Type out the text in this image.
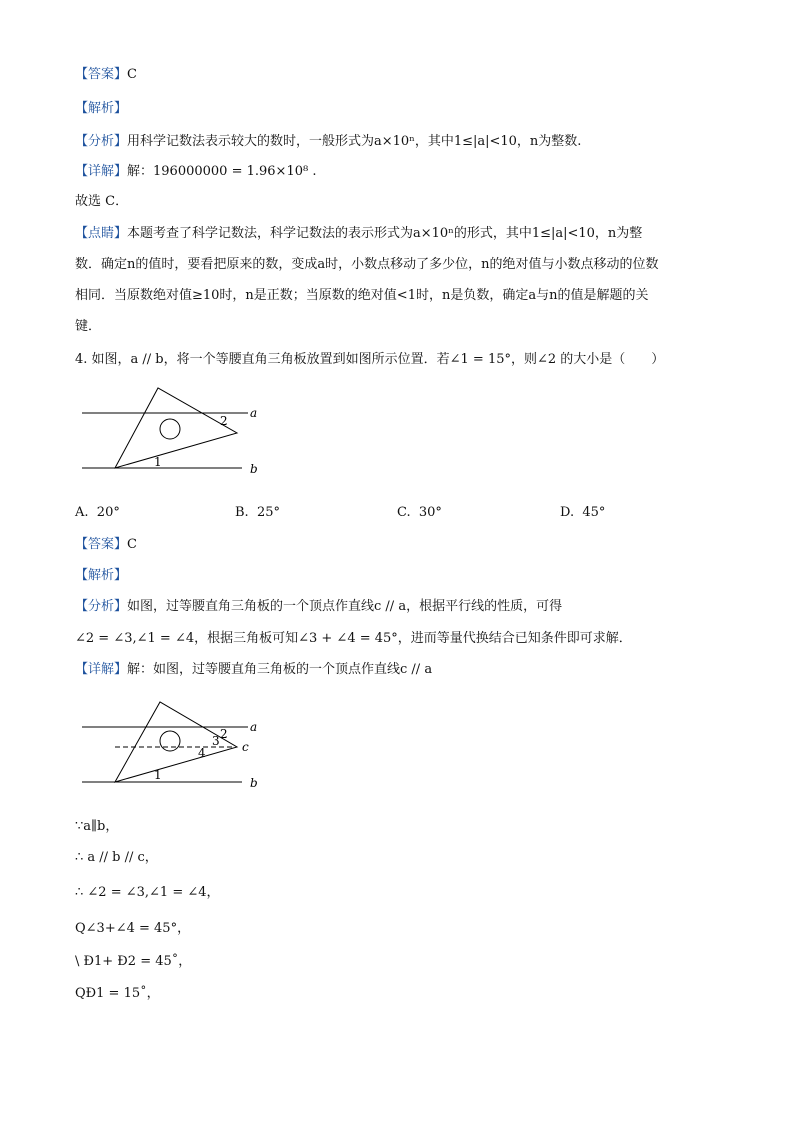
【答案】C
【解析】
【分析】用科学记数法表示较大的数时，一般形式为a×10ⁿ，其中1≤|a|<10，n为整数.
【详解】解：196000000 = 1.96×10⁸ .
故选 C．
【点睛】本题考查了科学记数法，科学记数法的表示形式为a×10ⁿ的形式，其中1≤|a|<10，n为整
数．确定n的值时，要看把原来的数，变成a时，小数点移动了多少位，n的绝对值与小数点移动的位数
相同．当原数绝对值≥10时，n是正数；当原数的绝对值<1时，n是负数，确定a与n的值是解题的关
键．
4. 如图，a // b，将一个等腰直角三角板放置到如图所示位置．若∠1 = 15°，则∠2 的大小是（　　）
a
b
2
1
A. 20°	B. 25°	C. 30°	D. 45°
【答案】C
【解析】
【分析】如图，过等腰直角三角板的一个顶点作直线c // a，根据平行线的性质，可得
∠2 = ∠3,∠1 = ∠4，根据三角板可知∠3 + ∠4 = 45°，进而等量代换结合已知条件即可求解．
【详解】解：如图，过等腰直角三角板的一个顶点作直线c // a
a
b
c
2
3
4
1
∵a∥b，
∴ a // b // c，
∴ ∠2 = ∠3,∠1 = ∠4，
Q∠3+∠4 = 45°，
\ Ð1+ Ð2 = 45˚，
QÐ1 = 15˚，
